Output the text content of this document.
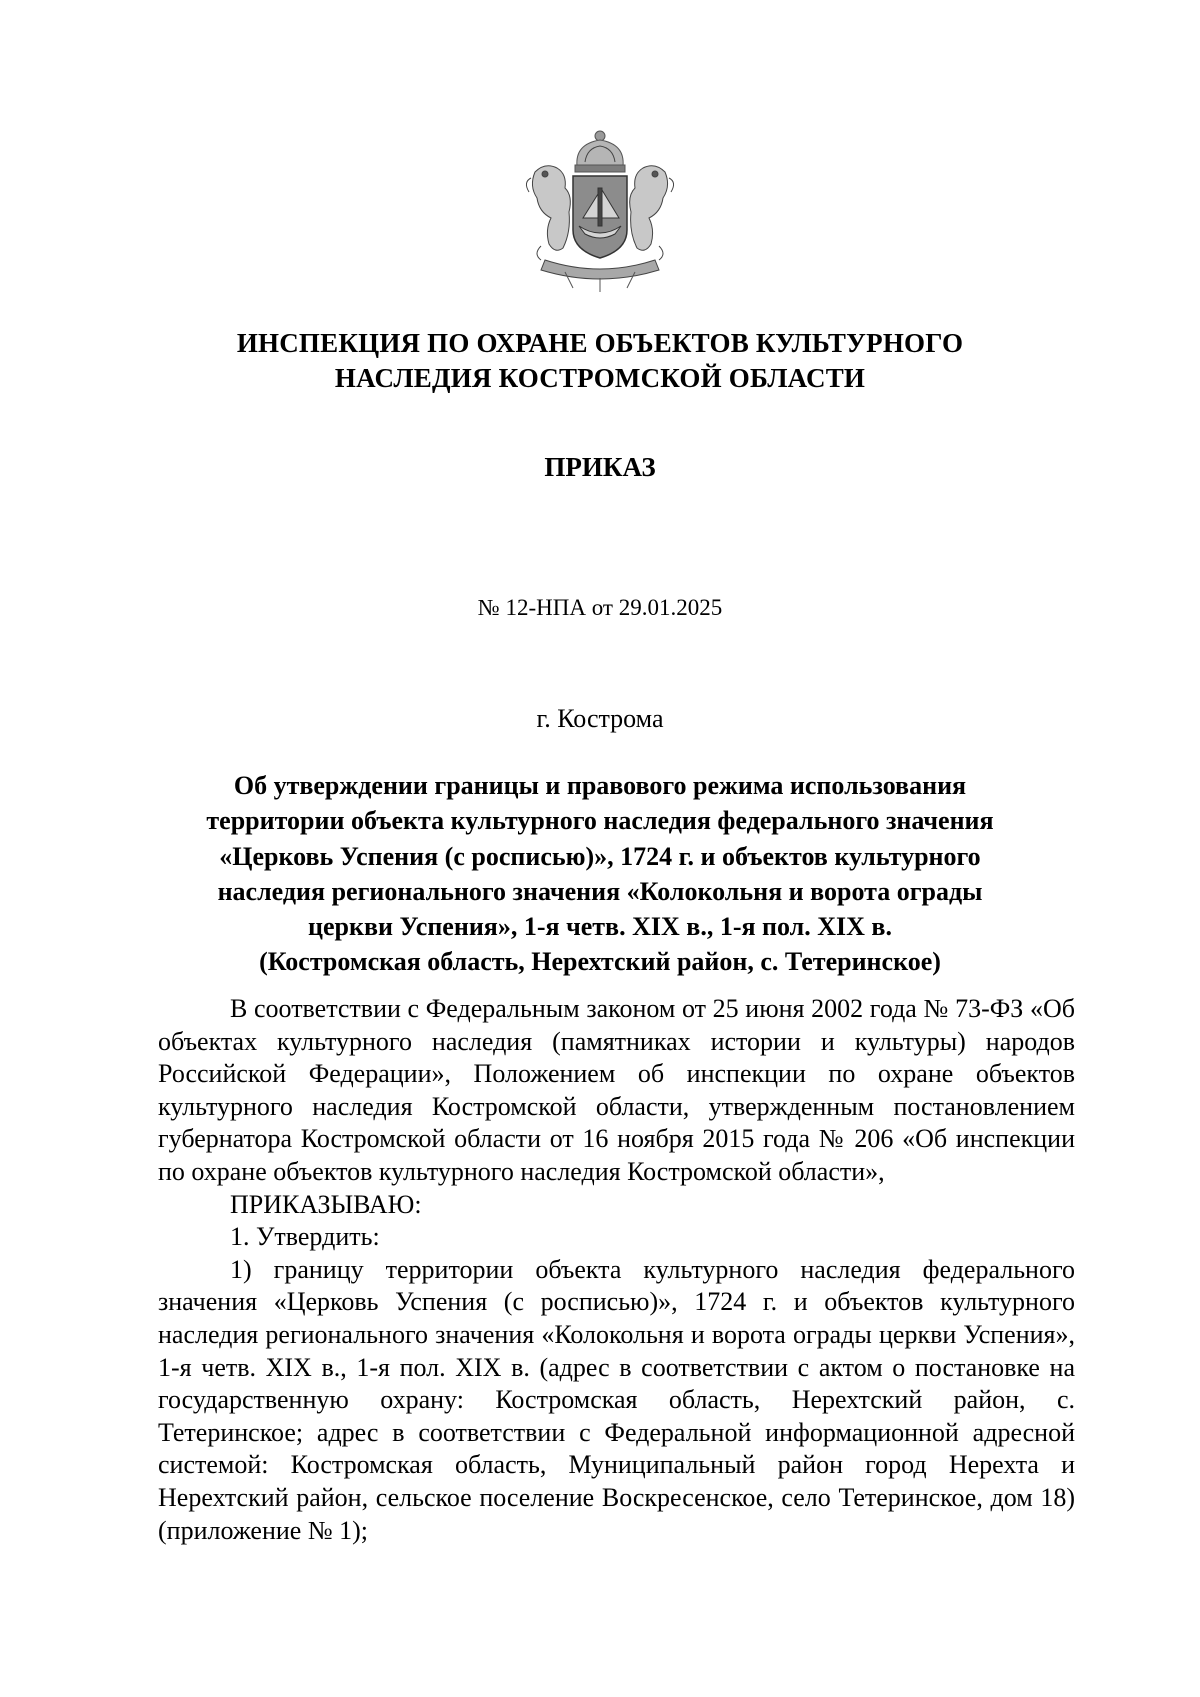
ИНСПЕКЦИЯ ПО ОХРАНЕ ОБЪЕКТОВ КУЛЬТУРНОГО
НАСЛЕДИЯ КОСТРОМСКОЙ ОБЛАСТИ
ПРИКАЗ
№ 12-НПА от 29.01.2025
г. Кострома
Об утверждении границы и правового режима использования
территории объекта культурного наследия федерального значения
«Церковь Успения (с росписью)», 1724 г. и объектов культурного
наследия регионального значения «Колокольня и ворота ограды
церкви Успения», 1-я четв. XIX в., 1-я пол. XIX в.
(Костромская область, Нерехтский район, с. Тетеринское)

В соответствии с Федеральным законом от 25 июня 2002 года № 73-ФЗ «Об объектах культурного наследия (памятниках истории и культуры) народов Российской Федерации», Положением об инспекции по охране объектов культурного наследия Костромской области, утвержденным постановлением губернатора Костромской области от 16 ноября 2015 года № 206 «Об инспекции по охране объектов культурного наследия Костромской области»,

ПРИКАЗЫВАЮ:

1. Утвердить:

1) границу территории объекта культурного наследия федерального значения «Церковь Успения (с росписью)», 1724 г. и объектов культурного наследия регионального значения «Колокольня и ворота ограды церкви Успения», 1-я четв. XIX в., 1-я пол. XIX в. (адрес в соответствии с актом о постановке на государственную охрану: Костромская область, Нерехтский район, с. Тетеринское; адрес в соответствии с Федеральной информационной адресной системой: Костромская область, Муниципальный район город Нерехта и Нерехтский район, сельское поселение Воскресенское, село Тетеринское, дом 18) (приложение № 1);
